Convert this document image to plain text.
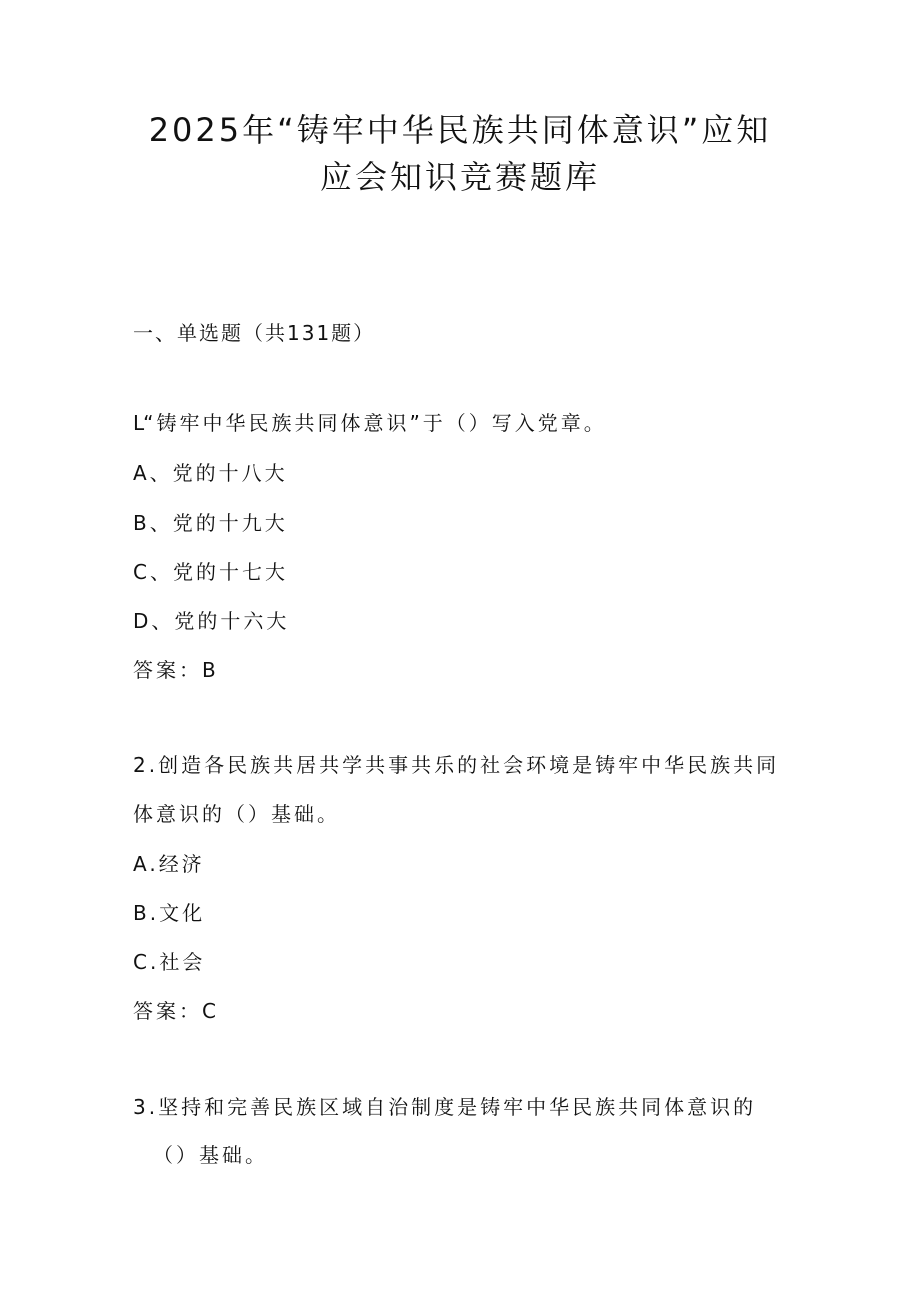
2025年“铸牢中华民族共同体意识”应知
应会知识竞赛题库
一、单选题（共131题）
L“铸牢中华民族共同体意识”于（）写入党章。
A、党的十八大
B、党的十九大
C、党的十七大
D、党的十六大
答案：B
2.创造各民族共居共学共事共乐的社会环境是铸牢中华民族共同
体意识的（）基础。
A.经济
B.文化
C.社会
答案：C
3.坚持和完善民族区域自治制度是铸牢中华民族共同体意识的
（）基础。
